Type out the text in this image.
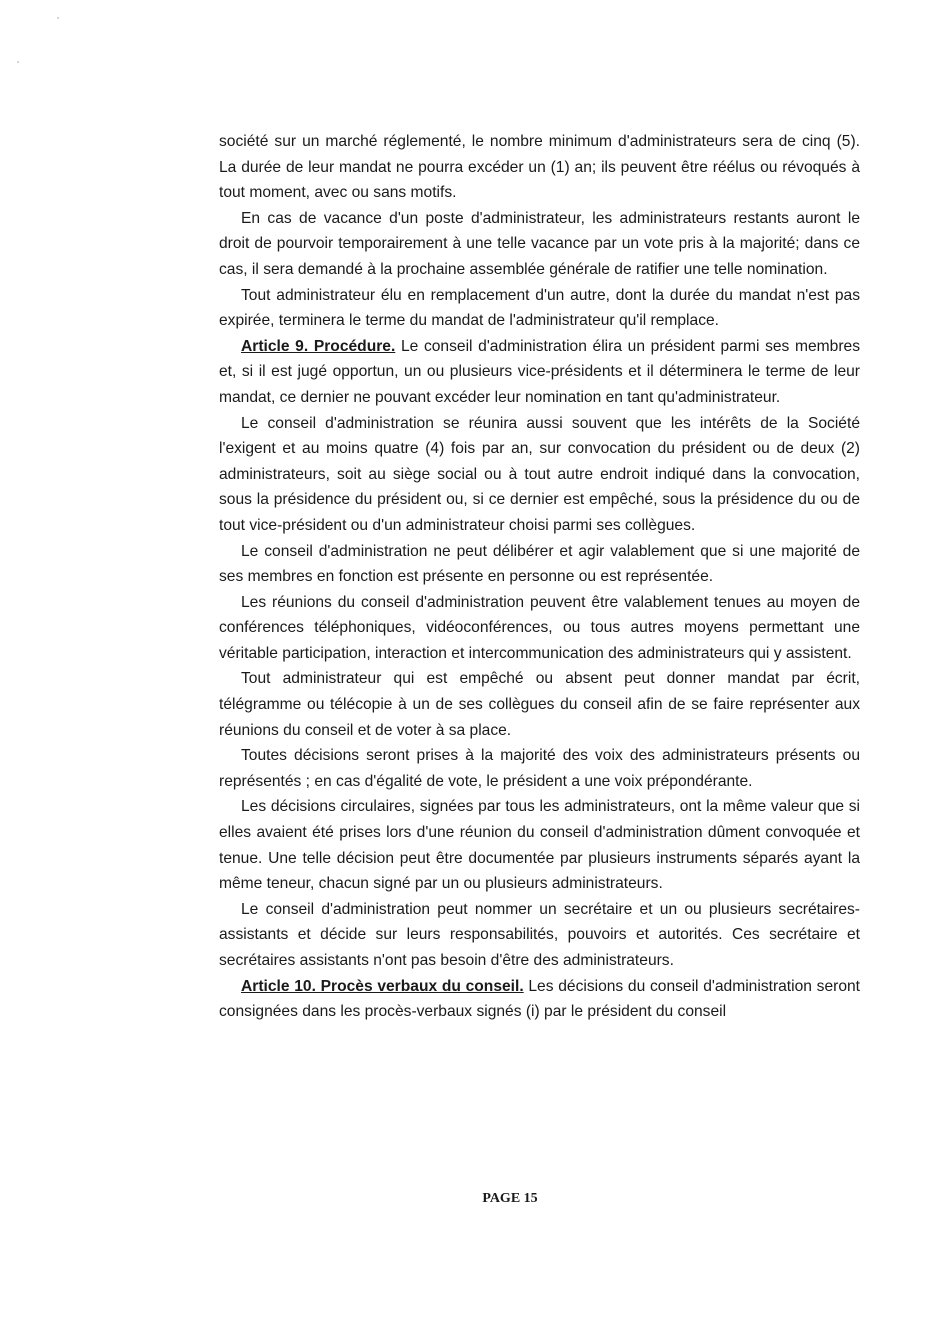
société sur un marché réglementé, le nombre minimum d'administrateurs sera de cinq (5). La durée de leur mandat ne pourra excéder un (1) an; ils peuvent être réélus ou révoqués à tout moment, avec ou sans motifs.

En cas de vacance d'un poste d'administrateur, les administrateurs restants auront le droit de pourvoir temporairement à une telle vacance par un vote pris à la majorité; dans ce cas, il sera demandé à la prochaine assemblée générale de ratifier une telle nomination.

Tout administrateur élu en remplacement d'un autre, dont la durée du mandat n'est pas expirée, terminera le terme du mandat de l'administrateur qu'il remplace.

Article 9. Procédure. Le conseil d'administration élira un président parmi ses membres et, si il est jugé opportun, un ou plusieurs vice-présidents et il déterminera le terme de leur mandat, ce dernier ne pouvant excéder leur nomination en tant qu'administrateur.

Le conseil d'administration se réunira aussi souvent que les intérêts de la Société l'exigent et au moins quatre (4) fois par an, sur convocation du président ou de deux (2) administrateurs, soit au siège social ou à tout autre endroit indiqué dans la convocation, sous la présidence du président ou, si ce dernier est empêché, sous la présidence du ou de tout vice-président ou d'un administrateur choisi parmi ses collègues.

Le conseil d'administration ne peut délibérer et agir valablement que si une majorité de ses membres en fonction est présente en personne ou est représentée.

Les réunions du conseil d'administration peuvent être valablement tenues au moyen de conférences téléphoniques, vidéoconférences, ou tous autres moyens permettant une véritable participation, interaction et intercommunication des administrateurs qui y assistent.

Tout administrateur qui est empêché ou absent peut donner mandat par écrit, télégramme ou télécopie à un de ses collègues du conseil afin de se faire représenter aux réunions du conseil et de voter à sa place.

Toutes décisions seront prises à la majorité des voix des administrateurs présents ou représentés ; en cas d'égalité de vote, le président a une voix prépondérante.

Les décisions circulaires, signées par tous les administrateurs, ont la même valeur que si elles avaient été prises lors d'une réunion du conseil d'administration dûment convoquée et tenue. Une telle décision peut être documentée par plusieurs instruments séparés ayant la même teneur, chacun signé par un ou plusieurs administrateurs.

Le conseil d'administration peut nommer un secrétaire et un ou plusieurs secrétaires-assistants et décide sur leurs responsabilités, pouvoirs et autorités. Ces secrétaire et secrétaires assistants n'ont pas besoin d'être des administrateurs.

Article 10. Procès verbaux du conseil. Les décisions du conseil d'administration seront consignées dans les procès-verbaux signés (i) par le président du conseil

PAGE 15
